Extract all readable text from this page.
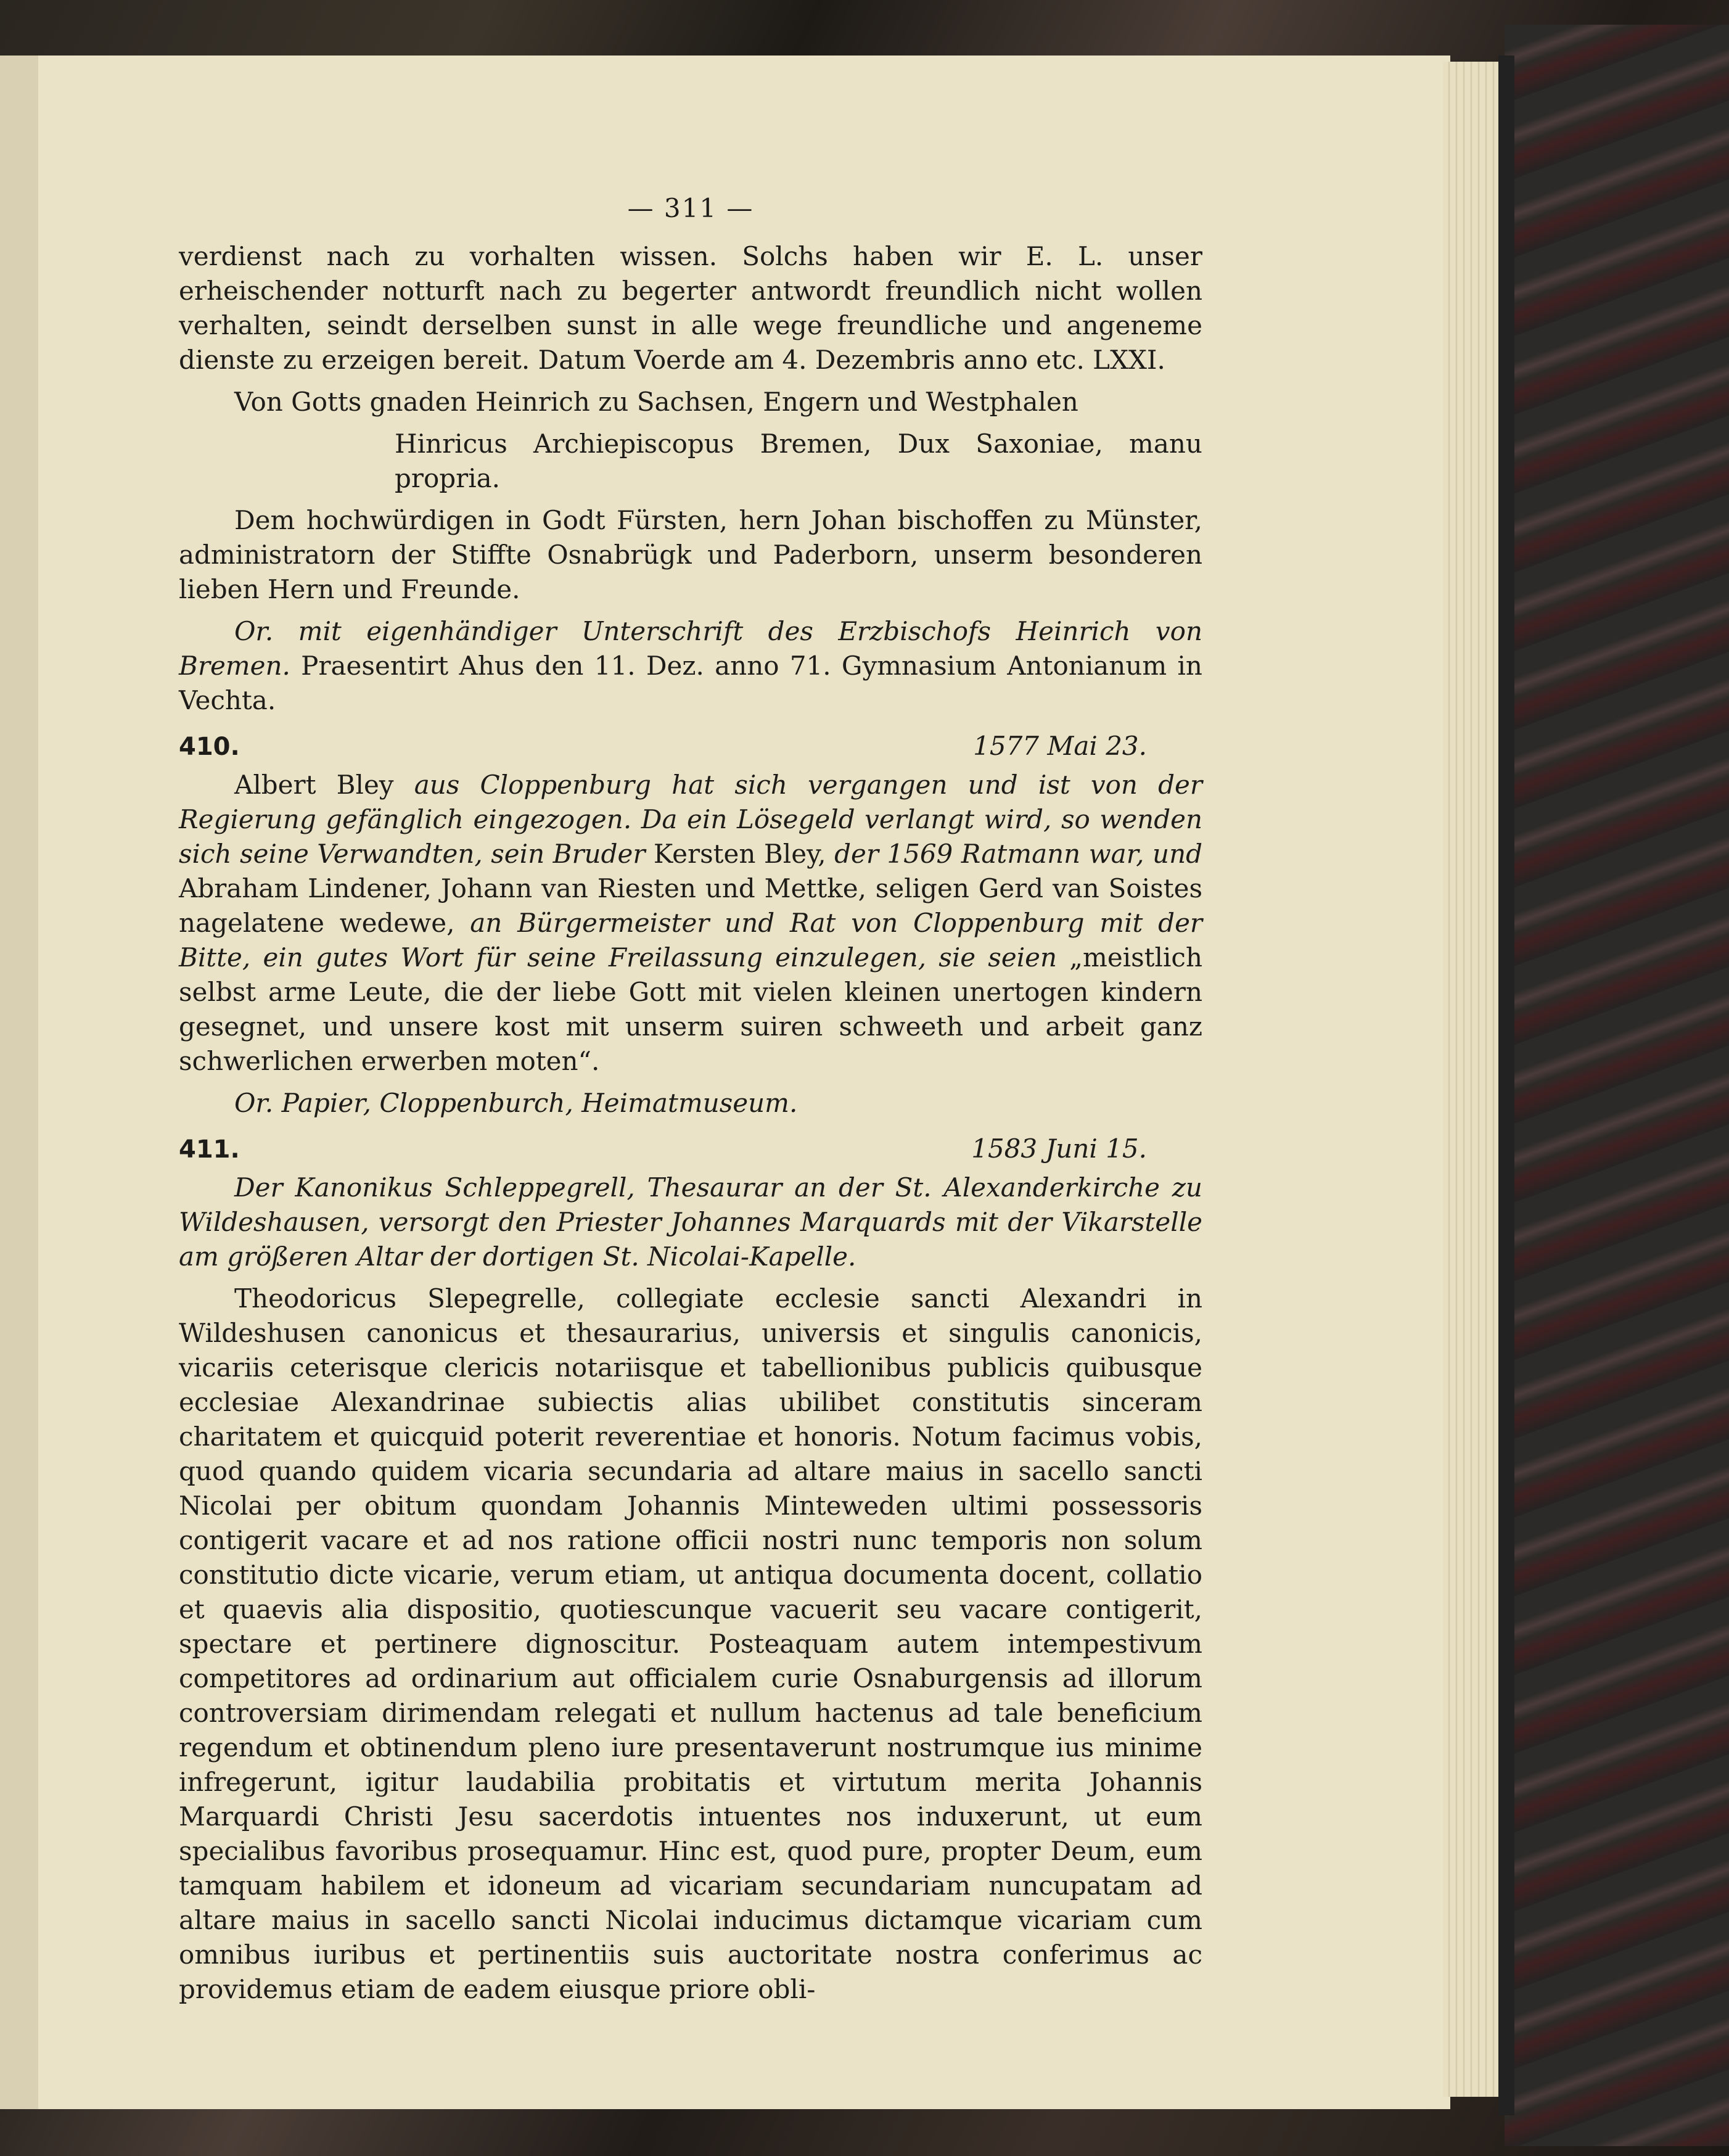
— 311 —

verdienst nach zu vorhalten wissen. Solchs haben wir E. L. unser erheischender notturft nach zu begerter antwordt freundlich nicht wollen verhalten, seindt derselben sunst in alle wege freundliche und angeneme dienste zu erzeigen bereit. Datum Voerde am 4. Dezembris anno etc. LXXI.

Von Gotts gnaden Heinrich zu Sachsen, Engern und Westphalen

Hinricus Archiepiscopus Bremen, Dux Saxoniae, manu propria.

Dem hochwürdigen in Godt Fürsten, hern Johan bischoffen zu Münster, administratorn der Stiffte Osnabrügk und Paderborn, unserm besonderen lieben Hern und Freunde.

Or. mit eigenhändiger Unterschrift des Erzbischofs Heinrich von Bremen. Praesentirt Ahus den 11. Dez. anno 71. Gymnasium Antonianum in Vechta.

410.	1577 Mai 23.

Albert Bley aus Cloppenburg hat sich vergangen und ist von der Regierung gefänglich eingezogen. Da ein Lösegeld verlangt wird, so wenden sich seine Verwandten, sein Bruder Kersten Bley, der 1569 Ratmann war, und Abraham Lindener, Johann van Riesten und Mettke, seligen Gerd van Soistes nagelatene wedewe, an Bürgermeister und Rat von Cloppenburg mit der Bitte, ein gutes Wort für seine Freilassung einzulegen, sie seien „meistlich selbst arme Leute, die der liebe Gott mit vielen kleinen unertogen kindern gesegnet, und unsere kost mit unserm suiren schweeth und arbeit ganz schwerlichen erwerben moten“.

Or. Papier, Cloppenburch, Heimatmuseum.

411.	1583 Juni 15.

Der Kanonikus Schleppegrell, Thesaurar an der St. Alexanderkirche zu Wildeshausen, versorgt den Priester Johannes Marquards mit der Vikarstelle am größeren Altar der dortigen St. Nicolai-Kapelle.

Theodoricus Slepegrelle, collegiate ecclesie sancti Alexandri in Wildeshusen canonicus et thesaurarius, universis et singulis canonicis, vicariis ceterisque clericis notariisque et tabellionibus publicis quibusque ecclesiae Alexandrinae subiectis alias ubilibet constitutis sinceram charitatem et quicquid poterit reverentiae et honoris. Notum facimus vobis, quod quando quidem vicaria secundaria ad altare maius in sacello sancti Nicolai per obitum quondam Johannis Minteweden ultimi possessoris contigerit vacare et ad nos ratione officii nostri nunc temporis non solum constitutio dicte vicarie, verum etiam, ut antiqua documenta docent, collatio et quaevis alia dispositio, quotiescunque vacuerit seu vacare contigerit, spectare et pertinere dignoscitur. Posteaquam autem intempestivum competitores ad ordinarium aut officialem curie Osnaburgensis ad illorum controversiam dirimendam relegati et nullum hactenus ad tale beneficium regendum et obtinendum pleno iure presentaverunt nostrumque ius minime infregerunt, igitur laudabilia probitatis et virtutum merita Johannis Marquardi Christi Jesu sacerdotis intuentes nos induxerunt, ut eum specialibus favoribus prosequamur. Hinc est, quod pure, propter Deum, eum tamquam habilem et idoneum ad vicariam secundariam nuncupatam ad altare maius in sacello sancti Nicolai inducimus dictamque vicariam cum omnibus iuribus et pertinentiis suis auctoritate nostra conferimus ac providemus etiam de eadem eiusque priore obli-
